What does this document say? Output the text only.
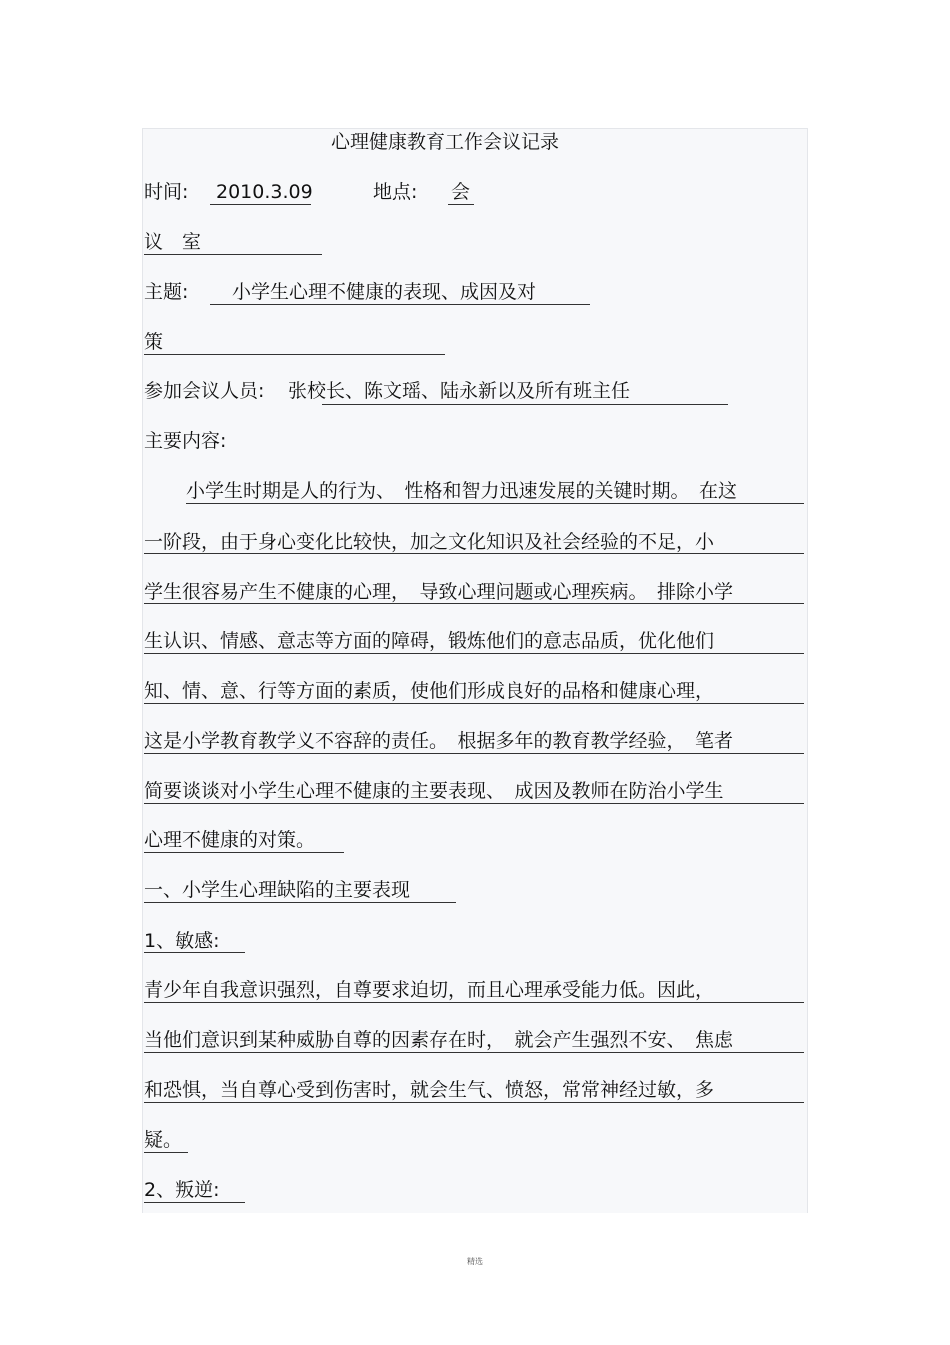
心理健康教育工作会议记录
时间: 2010.3.09	地点: 会
议　室
主题: 小学生心理不健康的表现、成因及对
策
参加会议人员: 张校长、陈文瑶、陆永新以及所有班主任
主要内容:
小学生时期是人的行为、　性格和智力迅速发展的关键时期。　在这
一阶段，由于身心变化比较快，加之文化知识及社会经验的不足，小
学生很容易产生不健康的心理，　导致心理问题或心理疾病。　排除小学
生认识、情感、意志等方面的障碍，锻炼他们的意志品质，优化他们
知、情、意、行等方面的素质，使他们形成良好的品格和健康心理，
这是小学教育教学义不容辞的责任。　根据多年的教育教学经验，　笔者
简要谈谈对小学生心理不健康的主要表现、　成因及教师在防治小学生
心理不健康的对策。
一、小学生心理缺陷的主要表现
1、敏感:
青少年自我意识强烈，自尊要求迫切，而且心理承受能力低。因此，
当他们意识到某种威胁自尊的因素存在时，　就会产生强烈不安、　焦虑
和恐惧，当自尊心受到伤害时，就会生气、愤怒，常常神经过敏，多
疑。
2、叛逆:
精选
